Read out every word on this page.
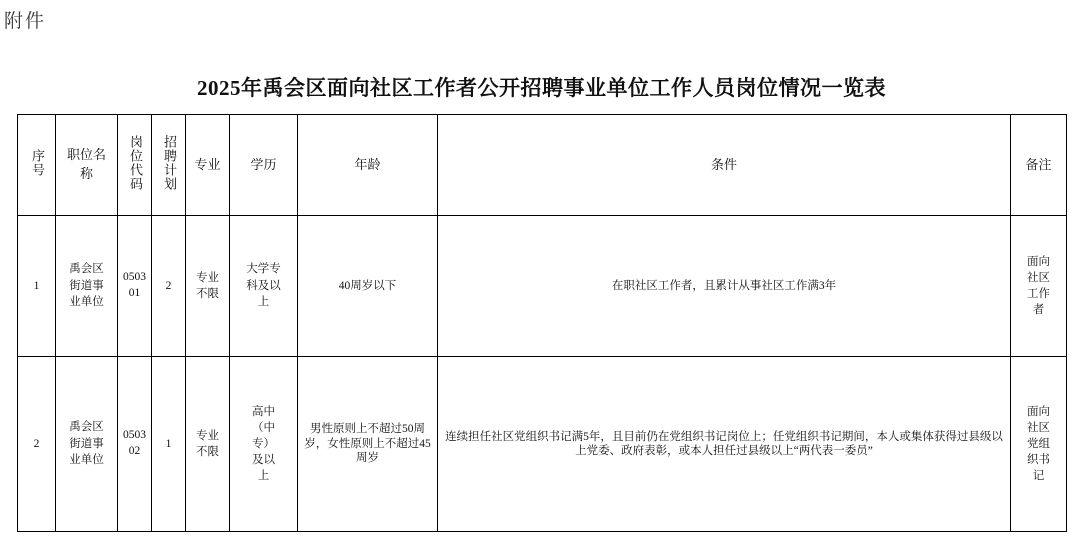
附件
2025年禹会区面向社区工作者公开招聘事业单位工作人员岗位情况一览表
序号	职位名称	岗位代码	招聘计划	专业	学历	年龄	条件	备注
1	禹会区街道事业单位	050301	2	专业不限	大学专科及以上	40周岁以下	在职社区工作者，且累计从事社区工作满3年	面向社区工作者
2	禹会区街道事业单位	050302	1	专业不限	高中（中专）及以上	男性原则上不超过50周岁，女性原则上不超过45周岁	连续担任社区党组织书记满5年，且目前仍在党组织书记岗位上；任党组织书记期间，本人或集体获得过县级以上党委、政府表彰，或本人担任过县级以上“两代表一委员”	面向社区党组织书记
